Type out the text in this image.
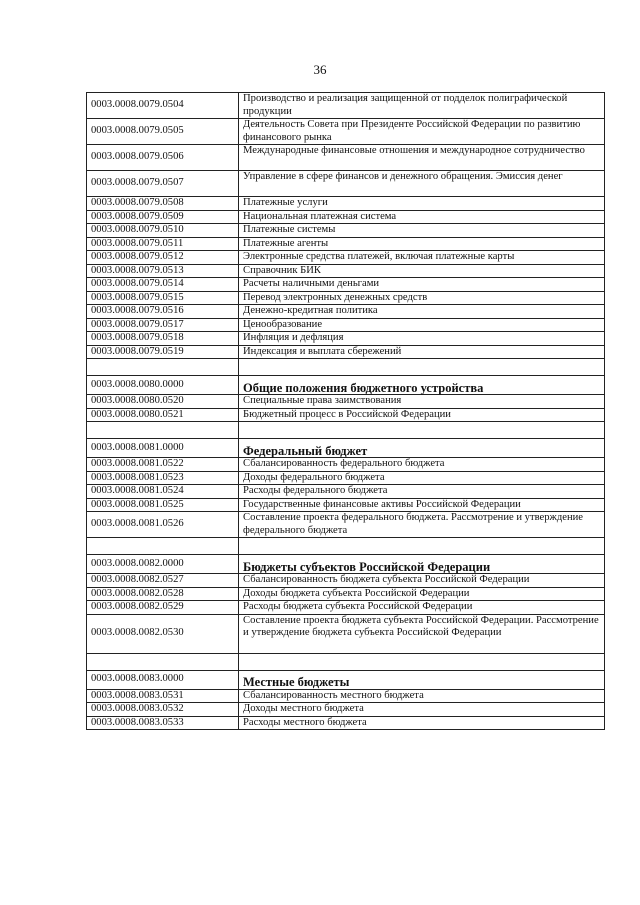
36
0003.0008.0079.0504	Производство и реализация защищенной от подделок полиграфической продукции
0003.0008.0079.0505	Деятельность Совета при Президенте Российской Федерации по развитию финансового рынка
0003.0008.0079.0506	Международные финансовые отношения и международное сотрудничество
0003.0008.0079.0507	Управление в сфере финансов и денежного обращения. Эмиссия денег
0003.0008.0079.0508	Платежные услуги
0003.0008.0079.0509	Национальная платежная система
0003.0008.0079.0510	Платежные системы
0003.0008.0079.0511	Платежные агенты
0003.0008.0079.0512	Электронные средства платежей, включая платежные карты
0003.0008.0079.0513	Справочник БИК
0003.0008.0079.0514	Расчеты наличными деньгами
0003.0008.0079.0515	Перевод электронных денежных средств
0003.0008.0079.0516	Денежно-кредитная политика
0003.0008.0079.0517	Ценообразование
0003.0008.0079.0518	Инфляция и дефляция
0003.0008.0079.0519	Индексация и выплата сбережений

0003.0008.0080.0000	Общие положения бюджетного устройства
0003.0008.0080.0520	Специальные права заимствования
0003.0008.0080.0521	Бюджетный процесс в Российской Федерации

0003.0008.0081.0000	Федеральный бюджет
0003.0008.0081.0522	Сбалансированность федерального бюджета
0003.0008.0081.0523	Доходы федерального бюджета
0003.0008.0081.0524	Расходы федерального бюджета
0003.0008.0081.0525	Государственные финансовые активы Российской Федерации
0003.0008.0081.0526	Составление проекта федерального бюджета. Рассмотрение и утверждение федерального бюджета

0003.0008.0082.0000	Бюджеты субъектов Российской Федерации
0003.0008.0082.0527	Сбалансированность бюджета субъекта Российской Федерации
0003.0008.0082.0528	Доходы бюджета субъекта Российской Федерации
0003.0008.0082.0529	Расходы бюджета субъекта Российской Федерации
0003.0008.0082.0530	Составление проекта бюджета субъекта Российской Федерации. Рассмотрение и утверждение бюджета субъекта Российской Федерации

0003.0008.0083.0000	Местные бюджеты
0003.0008.0083.0531	Сбалансированность местного бюджета
0003.0008.0083.0532	Доходы местного бюджета
0003.0008.0083.0533	Расходы местного бюджета
